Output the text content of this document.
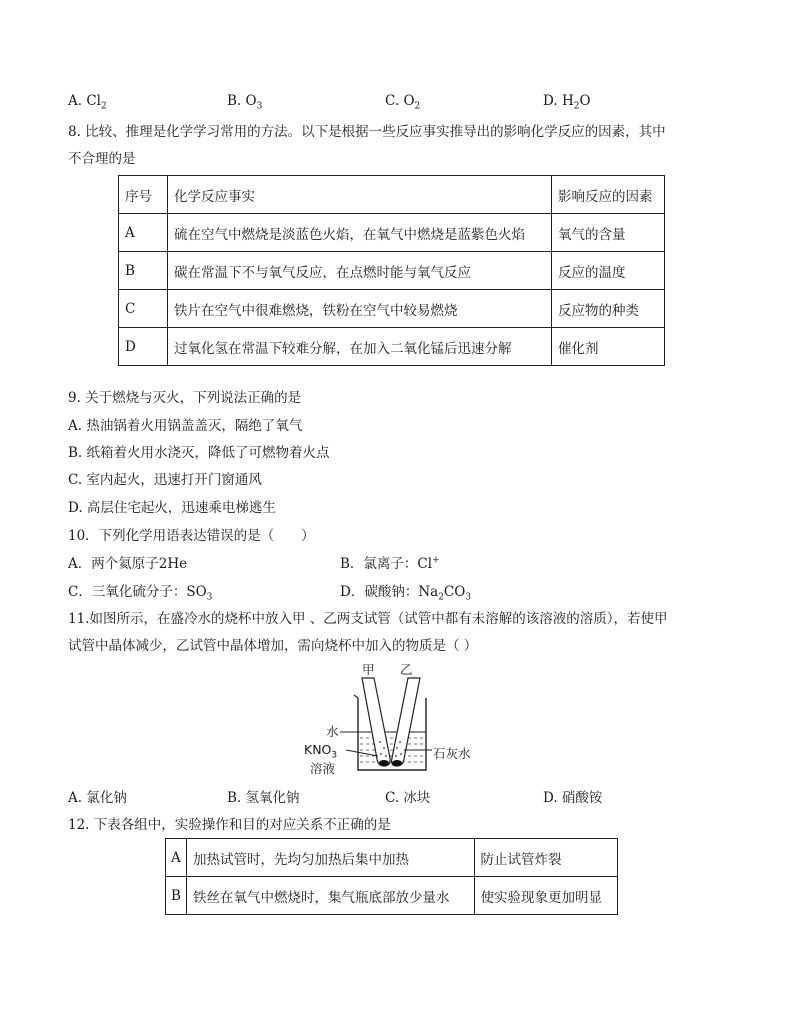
A. $Cl_2$	B. $O_3$	C. $O_2$	D. $H_2O$
8. 比较、推理是化学学习常用的方法。以下是根据一些反应事实推导出的影响化学反应的因素，其中
不合理的是
序号	化学反应事实	影响反应的因素
A	硫在空气中燃烧是淡蓝色火焰，在氧气中燃烧是蓝紫色火焰	氧气的含量
B	碳在常温下不与氧气反应，在点燃时能与氧气反应	反应的温度
C	铁片在空气中很难燃烧，铁粉在空气中较易燃烧	反应物的种类
D	过氧化氢在常温下较难分解，在加入二氧化锰后迅速分解	催化剂
9. 关于燃烧与灭火，下列说法正确的是
A. 热油锅着火用锅盖盖灭，隔绝了氧气
B. 纸箱着火用水浇灭，降低了可燃物着火点
C. 室内起火，迅速打开门窗通风
D. 高层住宅起火，迅速乘电梯逃生
10．下列化学用语表达错误的是（　　）
A．两个氦原子2He	B．氯离子：Cl+
C．三氧化硫分子：$SO_3$	D．碳酸钠：$Na_2CO_3$
11.如图所示，在盛冷水的烧杯中放入甲 、乙两支试管（试管中都有未溶解的该溶液的溶质），若使甲
试管中晶体减少，乙试管中晶体增加，需向烧杯中加入的物质是（ ）
甲 乙
水
$KNO_3$
溶液
石灰水
A. 氯化钠	B. 氢氧化钠	C. 冰块	D. 硝酸铵
12. 下表各组中，实验操作和目的对应关系不正确的是
A	加热试管时，先均匀加热后集中加热	防止试管炸裂
B	铁丝在氧气中燃烧时，集气瓶底部放少量水	使实验现象更加明显
